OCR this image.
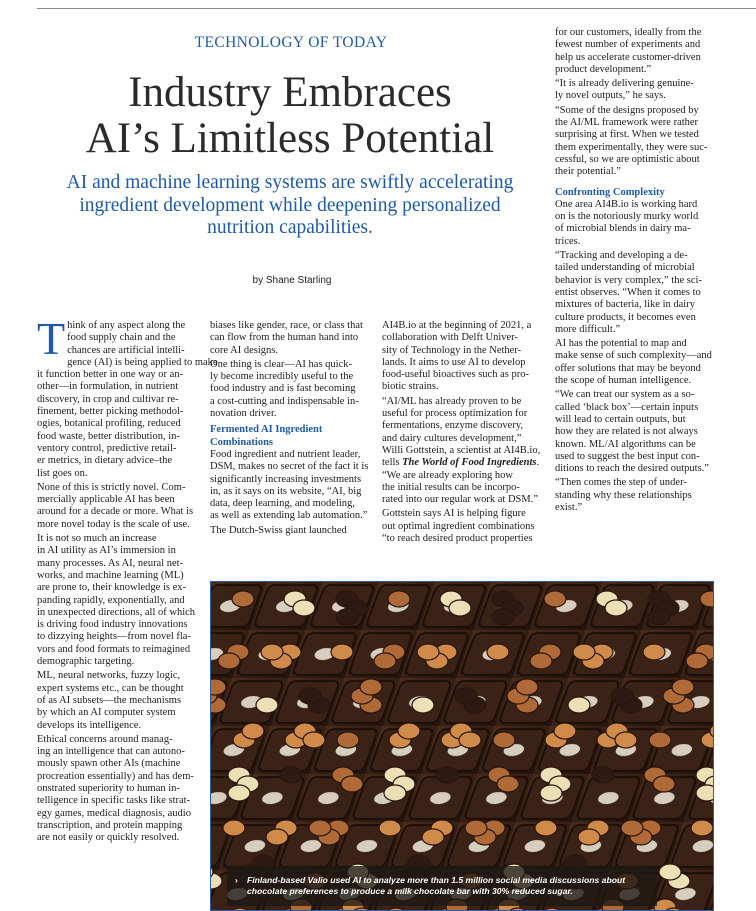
TECHNOLOGY OF TODAY
Industry Embraces
AI’s Limitless Potential

AI and machine learning systems are swiftly accelerating
ingredient development while deepening personalized
nutrition capabilities.

by Shane Starling
T hink of any aspect along the
food supply chain and the
chances are artificial intelli-
gence (AI) is being applied to make
it function better in one way or an-
other—in formulation, in nutrient
discovery, in crop and cultivar re-
finement, better picking methodol-
ogies, botanical profiling, reduced
food waste, better distribution, in-
ventory control, predictive retail-
er metrics, in dietary advice–the
list goes on.
None of this is strictly novel. Com-
mercially applicable AI has been
around for a decade or more. What is
more novel today is the scale of use.
It is not so much an increase
in AI utility as AI’s immersion in
many processes. As AI, neural net-
works, and machine learning (ML)
are prone to, their knowledge is ex-
panding rapidly, exponentially, and
in unexpected directions, all of which
is driving food industry innovations
to dizzying heights—from novel fla-
vors and food formats to reimagined
demographic targeting.
ML, neural networks, fuzzy logic,
expert systems etc., can be thought
of as AI subsets—the mechanisms
by which an AI computer system
develops its intelligence.
Ethical concerns around manag-
ing an intelligence that can autono-
mously spawn other AIs (machine
procreation essentially) and has dem-
onstrated superiority to human in-
telligence in specific tasks like strat-
egy games, medical diagnosis, audio
transcription, and protein mapping
are not easily or quickly resolved.
biases like gender, race, or class that
can flow from the human hand into
core AI designs.
One thing is clear—AI has quick-
ly become incredibly useful to the
food industry and is fast becoming
a cost-cutting and indispensable in-
novation driver.
Fermented AI Ingredient
Combinations
Food ingredient and nutrient leader,
DSM, makes no secret of the fact it is
significantly increasing investments
in, as it says on its website, “AI, big
data, deep learning, and modeling,
as well as extending lab automation.”
The Dutch-Swiss giant launched
AI4B.io at the beginning of 2021, a
collaboration with Delft Univer-
sity of Technology in the Nether-
lands. It aims to use AI to develop
food-useful bioactives such as pro-
biotic strains.
“AI/ML has already proven to be
useful for process optimization for
fermentations, enzyme discovery,
and dairy cultures development,”
Willi Gottstein, a scientist at AI4B.io,
tells The World of Food Ingredients.
“We are already exploring how
the initial results can be incorpo-
rated into our regular work at DSM.”
Gottstein says AI is helping figure
out optimal ingredient combinations
“to reach desired product properties
for our customers, ideally from the
fewest number of experiments and
help us accelerate customer-driven
product development.”
“It is already delivering genuine-
ly novel outputs,” he says.
“Some of the designs proposed by
the AI/ML framework were rather
surprising at first. When we tested
them experimentally, they were suc-
cessful, so we are optimistic about
their potential.”
Confronting Complexity
One area AI4B.io is working hard
on is the notoriously murky world
of microbial blends in dairy ma-
trices.
“Tracking and developing a de-
tailed understanding of microbial
behavior is very complex,” the sci-
entist observes. “When it comes to
mixtures of bacteria, like in dairy
culture products, it becomes even
more difficult.”
AI has the potential to map and
make sense of such complexity—and
offer solutions that may be beyond
the scope of human intelligence.
“We can treat our system as a so-
called ‘black box’—certain inputs
will lead to certain outputs, but
how they are related is not always
known. ML/AI algorithms can be
used to suggest the best input con-
ditions to reach the desired outputs.”
“Then comes the step of under-
standing why these relationships
exist.”
› Finland-based Valio used AI to analyze more than 1.5 million social media discussions about
chocolate preferences to produce a milk chocolate bar with 30% reduced sugar.
